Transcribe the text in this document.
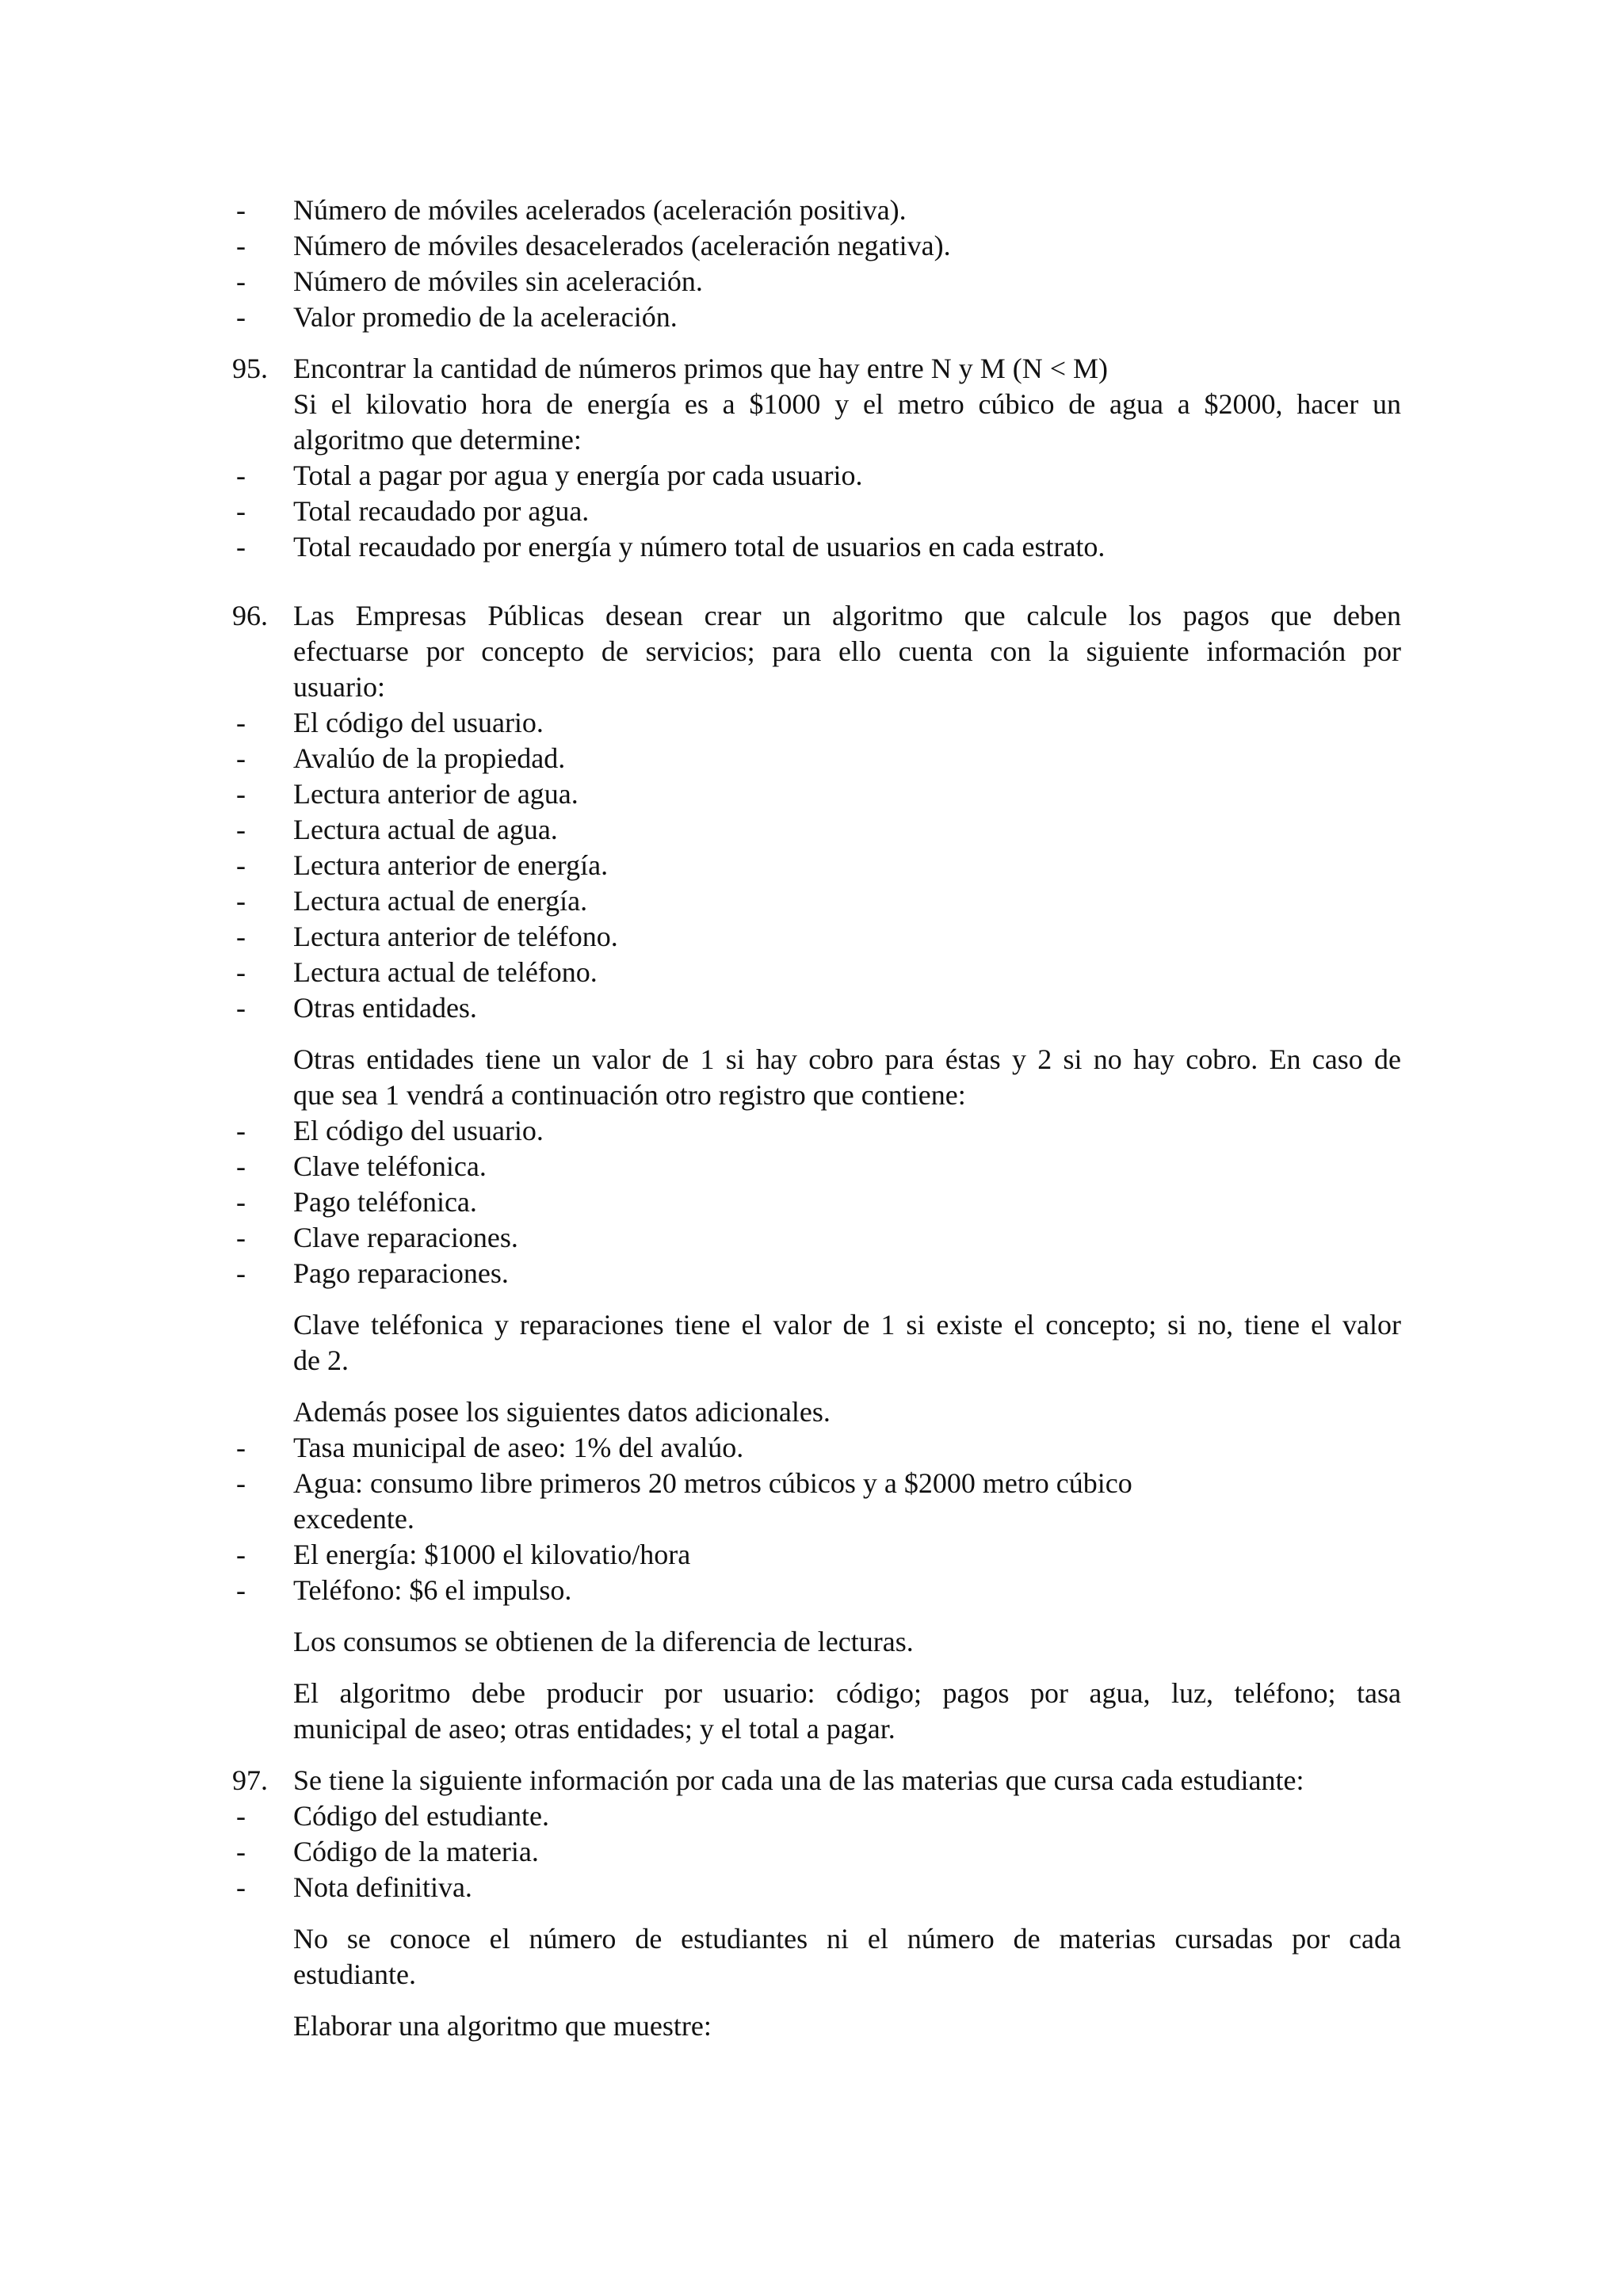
-	Número de móviles acelerados (aceleración positiva).
-	Número de móviles desacelerados (aceleración negativa).
-	Número de móviles sin aceleración.
-	Valor promedio de la aceleración.
95. Encontrar la cantidad de números primos que hay entre N y M (N < M)
Si el kilovatio hora de energía es a $1000 y el metro cúbico de agua a $2000, hacer un
algoritmo que determine:
-	Total a pagar por agua y energía por cada usuario.
-	Total recaudado por agua.
-	Total recaudado por energía y número total de usuarios en cada estrato.
96. Las Empresas Públicas desean crear un algoritmo que calcule los pagos que deben
efectuarse por concepto de servicios; para ello cuenta con la siguiente información por
usuario:
-	El código del usuario.
-	Avalúo de la propiedad.
-	Lectura anterior de agua.
-	Lectura actual de agua.
-	Lectura anterior de energía.
-	Lectura actual de energía.
-	Lectura anterior de teléfono.
-	Lectura actual de teléfono.
-	Otras entidades.
Otras entidades tiene un valor de 1 si hay cobro para éstas y 2 si no hay cobro. En caso de
que sea 1 vendrá a continuación otro registro que contiene:
-	El código del usuario.
-	Clave teléfonica.
-	Pago teléfonica.
-	Clave reparaciones.
-	Pago reparaciones.
Clave teléfonica y reparaciones tiene el valor de 1 si existe el concepto; si no, tiene el valor
de 2.
Además posee los siguientes datos adicionales.
-	Tasa municipal de aseo: 1% del avalúo.
-	Agua: consumo libre primeros 20 metros cúbicos y a $2000 metro cúbico
excedente.
-	El energía: $1000 el kilovatio/hora
-	Teléfono: $6 el impulso.
Los consumos se obtienen de la diferencia de lecturas.
El algoritmo debe producir por usuario: código; pagos por agua, luz, teléfono; tasa
municipal de aseo; otras entidades; y el total a pagar.
97. Se tiene la siguiente información por cada una de las materias que cursa cada estudiante:
-	Código del estudiante.
-	Código de la materia.
-	Nota definitiva.
No se conoce el número de estudiantes ni el número de materias cursadas por cada
estudiante.
Elaborar una algoritmo que muestre:
